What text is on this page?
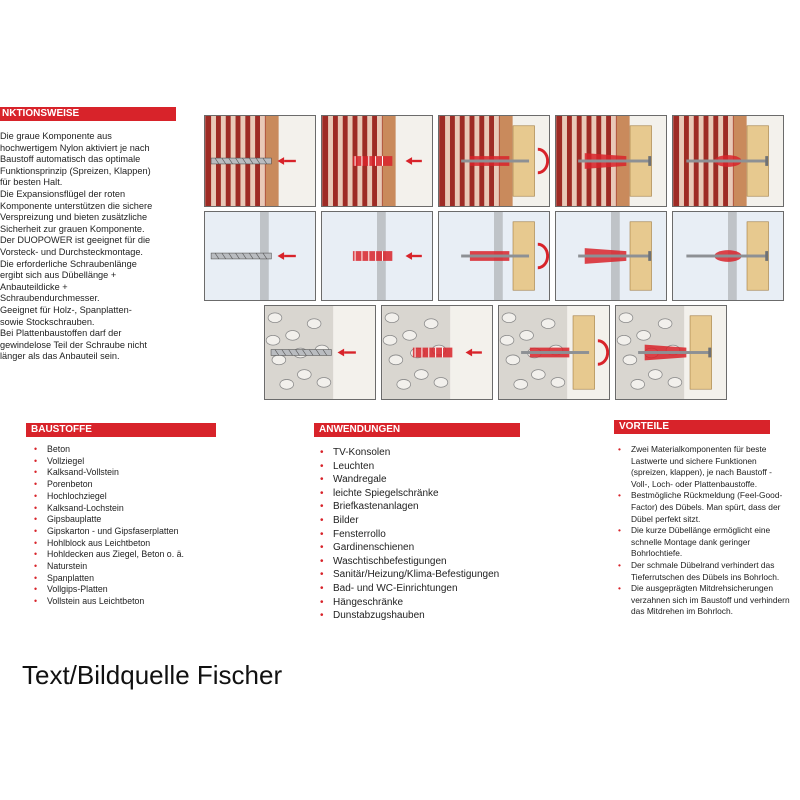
NKTIONSWEISE
Die graue Komponente aus
hochwertigem Nylon aktiviert je nach
Baustoff automatisch das optimale
Funktionsprinzip (Spreizen, Klappen)
für besten Halt.
Die Expansionsflügel der roten
Komponente unterstützen die sichere
Verspreizung und bieten zusätzliche
Sicherheit zur grauen Komponente.
Der DUOPOWER ist geeignet für die
Vorsteck- und Durchsteckmontage.
Die erforderliche Schraubenlänge
ergibt sich aus Dübellänge +
Anbauteildicke +
Schraubendurchmesser.
Geeignet für Holz-, Spanplatten-
sowie Stockschrauben.
Bei Plattenbaustoffen darf der
gewindelose Teil der Schraube nicht
länger als das Anbauteil sein.
BAUSTOFFE
• Beton
• Vollziegel
• Kalksand-Vollstein
• Porenbeton
• Hochlochziegel
• Kalksand-Lochstein
• Gipsbauplatte
• Gipskarton - und Gipsfaserplatten
• Hohlblock aus Leichtbeton
• Hohldecken aus Ziegel, Beton o. ä.
• Naturstein
• Spanplatten
• Vollgips-Platten
• Vollstein aus Leichtbeton
ANWENDUNGEN
• TV-Konsolen
• Leuchten
• Wandregale
• leichte Spiegelschränke
• Briefkastenanlagen
• Bilder
• Fensterrollo
• Gardinenschienen
• Waschtischbefestigungen
• Sanitär/Heizung/Klima-Befestigungen
• Bad- und WC-Einrichtungen
• Hängeschränke
• Dunstabzugshauben
VORTEILE
• Zwei Materialkomponenten für beste Lastwerte und sichere Funktionen (spreizen, klappen), je nach Baustoff - Voll-, Loch- oder Plattenbaustoffe.
• Bestmögliche Rückmeldung (Feel-Good-Factor) des Dübels. Man spürt, dass der Dübel perfekt sitzt.
• Die kurze Dübellänge ermöglicht eine schnelle Montage dank geringer Bohrlochtiefe.
• Der schmale Dübelrand verhindert das Tieferrutschen des Dübels ins Bohrloch.
• Die ausgeprägten Mitdrehsicherungen verzahnen sich im Baustoff und verhindern das Mitdrehen im Bohrloch.
Text/Bildquelle Fischer
